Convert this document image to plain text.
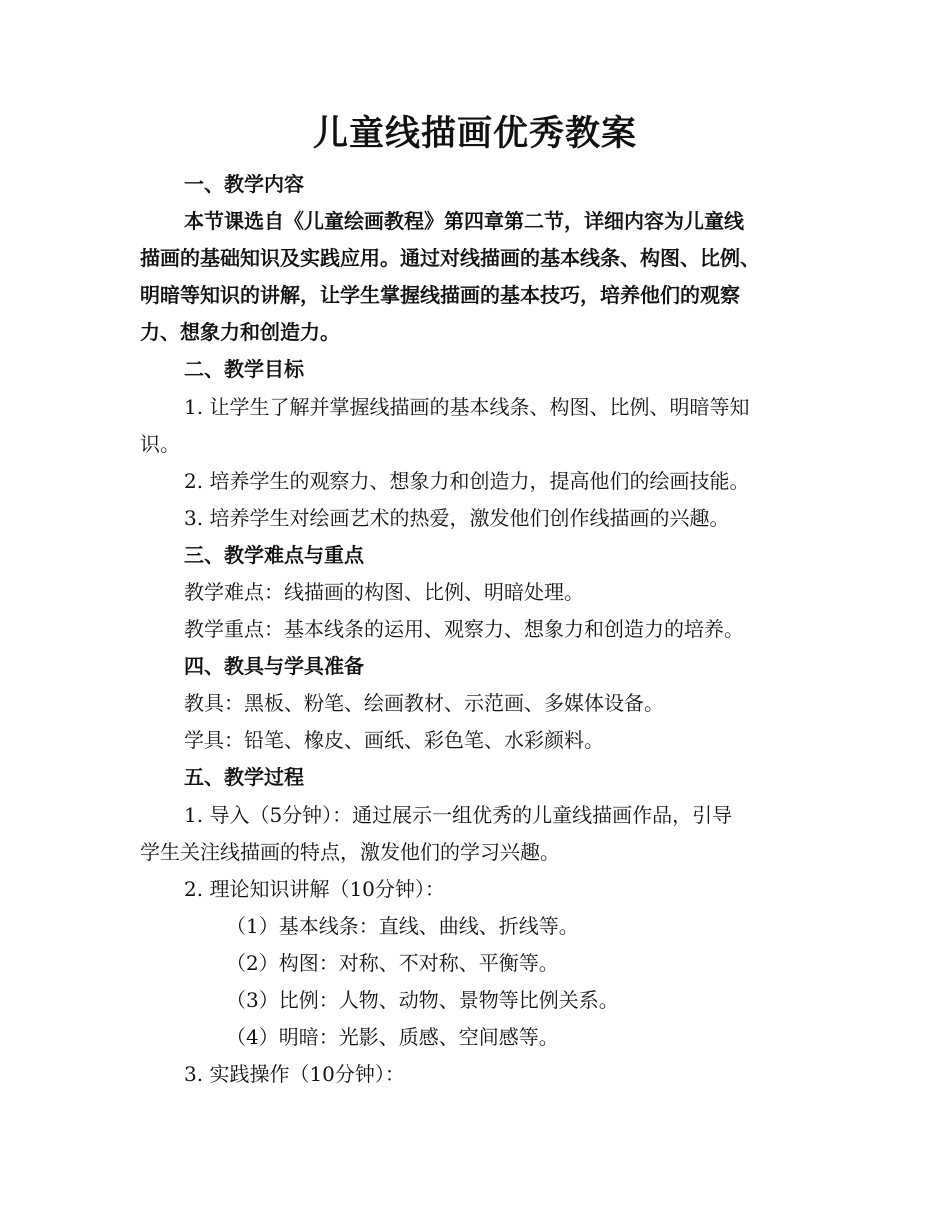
儿童线描画优秀教案
一、教学内容
本节课选自《儿童绘画教程》第四章第二节，详细内容为儿童线
描画的基础知识及实践应用。通过对线描画的基本线条、构图、比例、
明暗等知识的讲解，让学生掌握线描画的基本技巧，培养他们的观察
力、想象力和创造力。
二、教学目标
1. 让学生了解并掌握线描画的基本线条、构图、比例、明暗等知
识。
2. 培养学生的观察力、想象力和创造力，提高他们的绘画技能。
3. 培养学生对绘画艺术的热爱，激发他们创作线描画的兴趣。
三、教学难点与重点
教学难点：线描画的构图、比例、明暗处理。
教学重点：基本线条的运用、观察力、想象力和创造力的培养。
四、教具与学具准备
教具：黑板、粉笔、绘画教材、示范画、多媒体设备。
学具：铅笔、橡皮、画纸、彩色笔、水彩颜料。
五、教学过程
1. 导入（5分钟）：通过展示一组优秀的儿童线描画作品，引导
学生关注线描画的特点，激发他们的学习兴趣。
2. 理论知识讲解（10分钟）：
（1）基本线条：直线、曲线、折线等。
（2）构图：对称、不对称、平衡等。
（3）比例：人物、动物、景物等比例关系。
（4）明暗：光影、质感、空间感等。
3. 实践操作（10分钟）：
